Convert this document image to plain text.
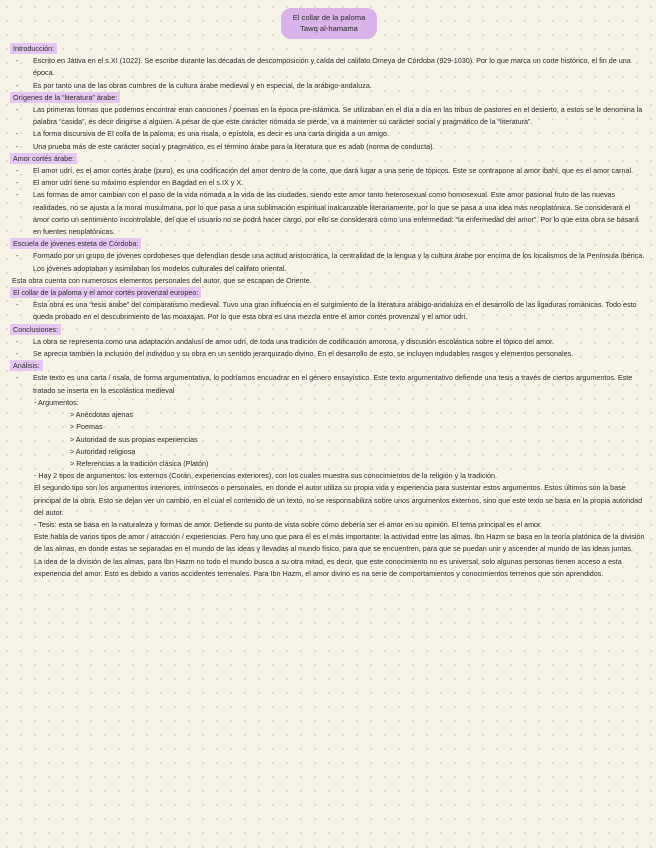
El collar de la paloma
Tawq al-hamama
Introducción:
- Escrito en Játiva en el s.XI (1022). Se escribe durante las décadas de descomposición y caída del califato Omeya de Córdoba (929-1030). Por lo que marca un corte histórico, el fin de una época.
- Es por tanto una de las obras cumbres de la cultura árabe medieval y en especial, de la arábigo-andaluza.
Orígenes de la “literatura” árabe:
- Las primeras formas que podemos encontrar eran canciones / poemas en la época pre-islámica. Se utilizaban en el día a día en las tribus de pastores en el desierto, a estos se le denomina la palabra “casida”, es decir dirigirse a alguien. A pesar de que este carácter nómada se pierde, va a mantener su carácter social y pragmático de la “literatura”.
- La forma discursiva de El colla de la paloma, es una risala, o epístola, es decir es una carta dirigida a un amigo.
- Una prueba más de este carácter social y pragmático, es el término árabe para la literatura que es adab (norma de conducta).
Amor cortés árabe:
- El amor udrí, es el amor cortés árabe (puro), es una codificación del amor dentro de la corte, que dará lugar a una serie de tópicos. Este se contrapone al amor ibahí, que es el amor carnal.
- El amor udrí tiene su máximo esplendor en Bagdad en el s.IX y X.
- Las formas de amor cambian con el paso de la vida nómada a la vida de las ciudades, siendo este amor tanto heterosexual como homosexual. Este amor pasional fruto de las nuevas realidades, no se ajusta a la moral musulmana, por lo que pasa a una sublimación espiritual inalcanzable literariamente, por lo que se pasa a una idea más neoplatónica. Se considerará el amor como un sentimiento incontrolable, del que el usuario no se podrá hacer cargo, por ello se considerará como una enfermedad: “la enfermedad del amor”. Por lo que esta obra se basará en fuentes neoplatónicas.
Escuela de jóvenes esteta de Córdoba:
- Formado por un grupo de jóvenes cordobeses que defendían desde una actitud aristocrática, la centralidad de la lengua y la cultura árabe por encima de los localismos de la Península Ibérica. Los jóvenes adoptaban y asimilaban los modelos culturales del califato oriental.
Esta obra cuenta con numerosos elementos personales del autor, que se escapan de Oriente.
El collar de la paloma y el amor cortés provenzal europeo:
- Esta obra es una “tesis árabe” del comparatismo medieval. Tuvo una gran influencia en el surgimiento de la literatura arábigo-andaluza en el desarrollo de las ligaduras románicas. Todo esto queda probado en el descubrimiento de las moaxajas. Por lo que esta obra es una mezcla entre el amor cortés provenzal y el amor udrí.
Conclusiones:
- La obra se representa como una adaptación andalusí de amor udrí, de toda una tradición de codificación amorosa, y discusión escolástica sobre el tópico del amor.
- Se aprecia también la inclusión del individuo y su obra en un sentido jerarquizado divino. En el desarrollo de esto, se incluyen indudables rasgos y elementos personales.
Análisis:
- Este texto es una carta / risala, de forma argumentativa, lo podríamos encuadrar en el género ensayístico. Este texto argumentativo defiende una tesis a través de ciertos argumentos. Este tratado se inserta en la escolástica medieval
- Argumentos:
> Anécdotas ajenas
> Poemas
> Autoridad de sus propias experiencias
> Autoridad religiosa
> Referencias a la tradición clásica (Platón)
- Hay 2 tipos de argumentos: los externos (Corán, experiencias exteriores), con los cuales muestra sus conocimientos de la religión y la tradición.
El segundo tipo son los argumentos interiores, intrínsecos o personales, en donde el autor utiliza su propia vida y experiencia para sustentar estos argumentos. Estos últimos son la base principal de la obra. Esto se dejan ver un cambio, en el cual el contenido de un texto, no se responsabiliza sobre unos argumentos externos, sino que este texto se basa en la propia autoridad del autor.
- Tesis: esta se basa en la naturaleza y formas de amor. Defiende su punto de vista sobre cómo debería ser el amor en su opinión. El tema principal es el amor.
Este habla de varios tipos de amor / atracción / experiencias. Pero hay uno que para él es el más importante: la actividad entre las almas. Ibn Hazm se basa en la teoría platónica de la división de las almas, en donde estas se separadas en el mundo de las ideas y llevadas al mundo físico, para que se encuentren, para que se puedan unir y ascender al mundo de las ideas juntas.
La idea de la división de las almas, para Ibn Hazm no todo el mundo busca a su otra mitad, es decir, que este conocimiento no es universal, solo algunas personas tienen acceso a esta experiencia del amor. Esto es debido a varios accidentes terrenales. Para Ibn Hazm, el amor divino es na serie de comportamientos y conocimientos terrenos que son aprendidos.
